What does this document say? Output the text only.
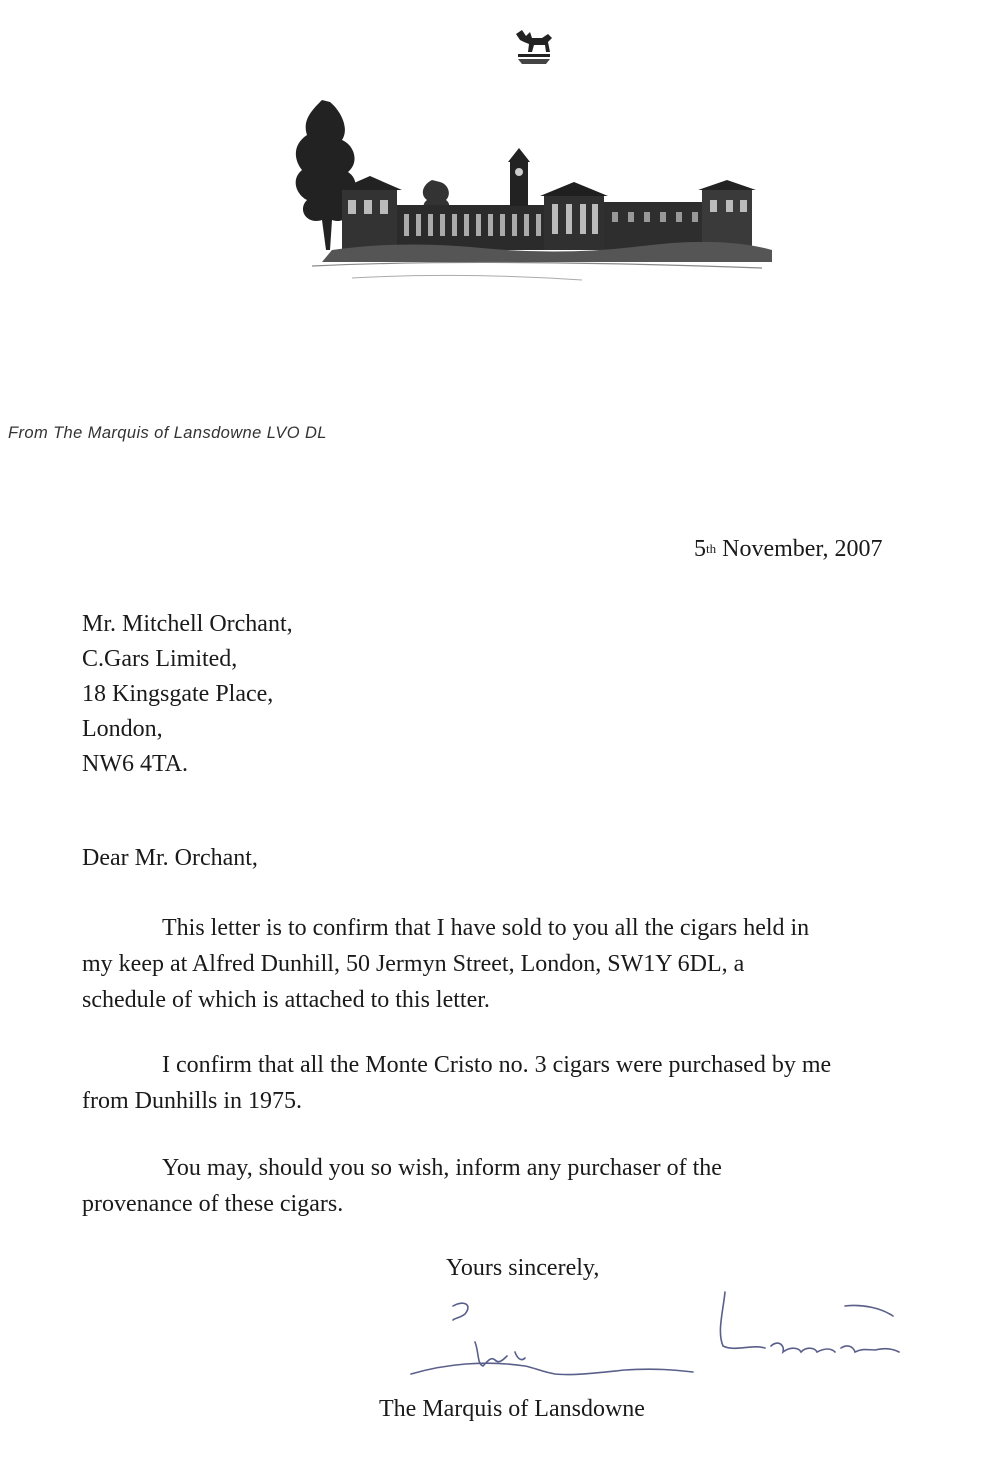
From The Marquis of Lansdowne LVO DL
5th November, 2007
Mr. Mitchell Orchant,
C.Gars Limited,
18 Kingsgate Place,
London,
NW6 4TA.
Dear Mr. Orchant,
This letter is to confirm that I have sold to you all the cigars held in
my keep at Alfred Dunhill, 50 Jermyn Street, London, SW1Y 6DL, a
schedule of which is attached to this letter.
I confirm that all the Monte Cristo no. 3 cigars were purchased by me
from Dunhills in 1975.
You may, should you so wish, inform any purchaser of the
provenance of these cigars.
Yours sincerely,
The Marquis of Lansdowne
